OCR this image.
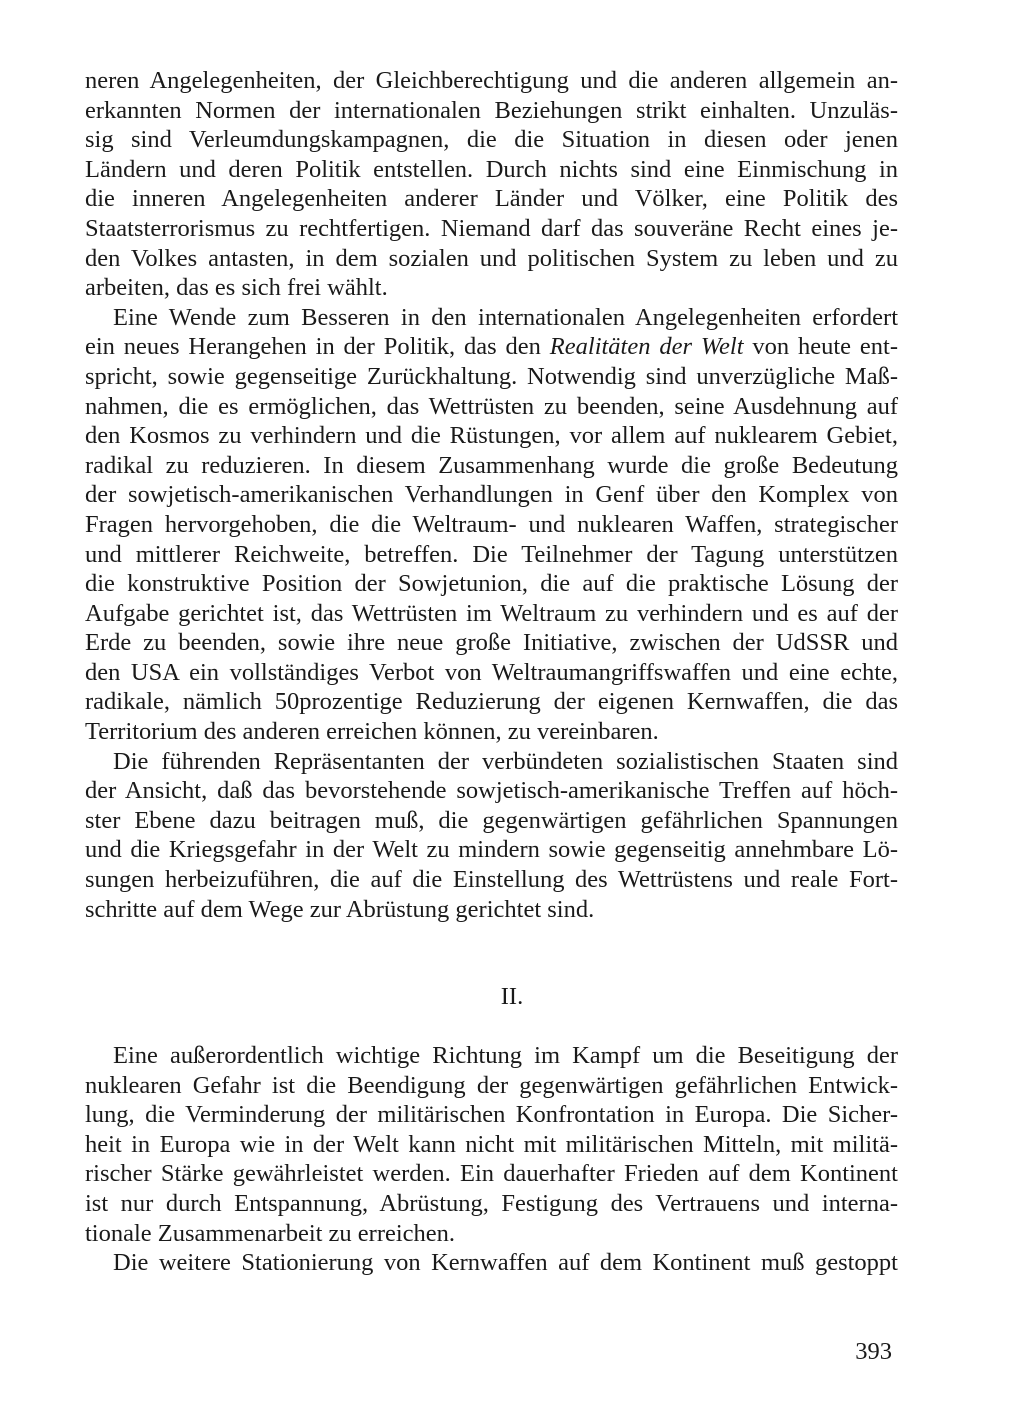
neren Angelegenheiten, der Gleichberechtigung und die anderen allgemein an-
erkannten Normen der internationalen Beziehungen strikt einhalten. Unzuläs-
sig sind Verleumdungskampagnen, die die Situation in diesen oder jenen
Ländern und deren Politik entstellen. Durch nichts sind eine Einmischung in
die inneren Angelegenheiten anderer Länder und Völker, eine Politik des
Staatsterrorismus zu rechtfertigen. Niemand darf das souveräne Recht eines je-
den Volkes antasten, in dem sozialen und politischen System zu leben und zu
arbeiten, das es sich frei wählt.
Eine Wende zum Besseren in den internationalen Angelegenheiten erfordert
ein neues Herangehen in der Politik, das den Realitäten der Welt von heute ent-
spricht, sowie gegenseitige Zurückhaltung. Notwendig sind unverzügliche Maß-
nahmen, die es ermöglichen, das Wettrüsten zu beenden, seine Ausdehnung auf
den Kosmos zu verhindern und die Rüstungen, vor allem auf nuklearem Gebiet,
radikal zu reduzieren. In diesem Zusammenhang wurde die große Bedeutung
der sowjetisch-amerikanischen Verhandlungen in Genf über den Komplex von
Fragen hervorgehoben, die die Weltraum- und nuklearen Waffen, strategischer
und mittlerer Reichweite, betreffen. Die Teilnehmer der Tagung unterstützen
die konstruktive Position der Sowjetunion, die auf die praktische Lösung der
Aufgabe gerichtet ist, das Wettrüsten im Weltraum zu verhindern und es auf der
Erde zu beenden, sowie ihre neue große Initiative, zwischen der UdSSR und
den USA ein vollständiges Verbot von Weltraumangriffswaffen und eine echte,
radikale, nämlich 50prozentige Reduzierung der eigenen Kernwaffen, die das
Territorium des anderen erreichen können, zu vereinbaren.
Die führenden Repräsentanten der verbündeten sozialistischen Staaten sind
der Ansicht, daß das bevorstehende sowjetisch-amerikanische Treffen auf höch-
ster Ebene dazu beitragen muß, die gegenwärtigen gefährlichen Spannungen
und die Kriegsgefahr in der Welt zu mindern sowie gegenseitig annehmbare Lö-
sungen herbeizuführen, die auf die Einstellung des Wettrüstens und reale Fort-
schritte auf dem Wege zur Abrüstung gerichtet sind.
II.
Eine außerordentlich wichtige Richtung im Kampf um die Beseitigung der
nuklearen Gefahr ist die Beendigung der gegenwärtigen gefährlichen Entwick-
lung, die Verminderung der militärischen Konfrontation in Europa. Die Sicher-
heit in Europa wie in der Welt kann nicht mit militärischen Mitteln, mit militä-
rischer Stärke gewährleistet werden. Ein dauerhafter Frieden auf dem Kontinent
ist nur durch Entspannung, Abrüstung, Festigung des Vertrauens und interna-
tionale Zusammenarbeit zu erreichen.
Die weitere Stationierung von Kernwaffen auf dem Kontinent muß gestoppt
393
